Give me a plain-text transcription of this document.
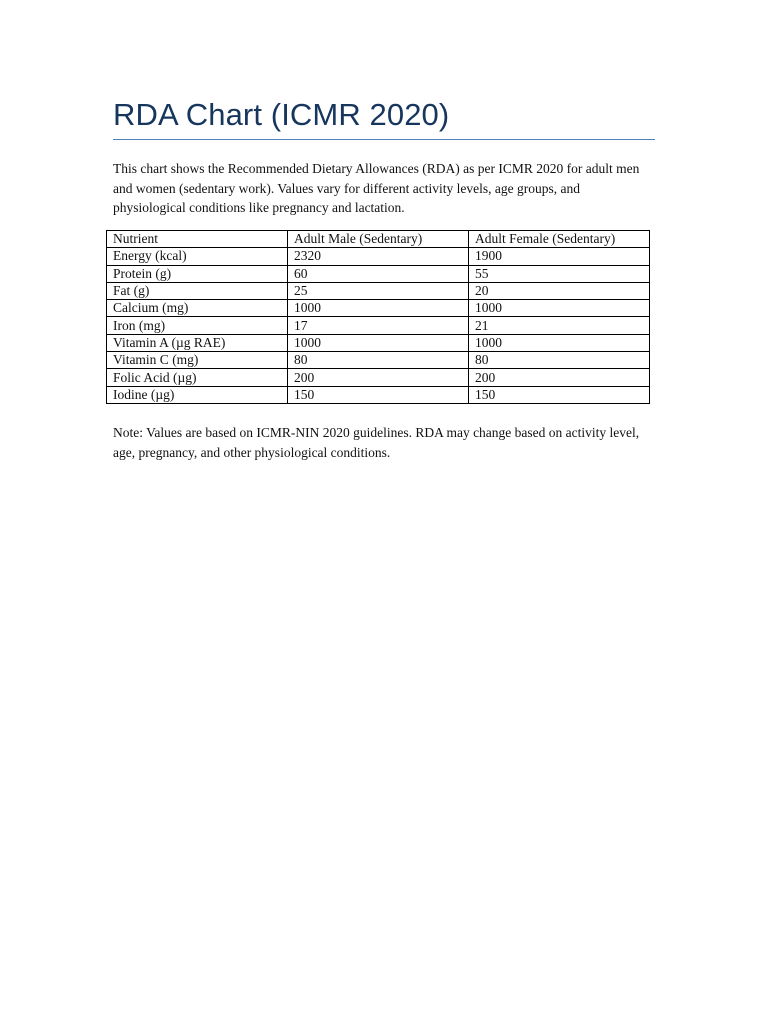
RDA Chart (ICMR 2020)

This chart shows the Recommended Dietary Allowances (RDA) as per ICMR 2020 for adult men and women (sedentary work). Values vary for different activity levels, age groups, and physiological conditions like pregnancy and lactation.

Nutrient	Adult Male (Sedentary)	Adult Female (Sedentary)
Energy (kcal)	2320	1900
Protein (g)	60	55
Fat (g)	25	20
Calcium (mg)	1000	1000
Iron (mg)	17	21
Vitamin A (µg RAE)	1000	1000
Vitamin C (mg)	80	80
Folic Acid (µg)	200	200
Iodine (µg)	150	150

Note: Values are based on ICMR-NIN 2020 guidelines. RDA may change based on activity level, age, pregnancy, and other physiological conditions.
